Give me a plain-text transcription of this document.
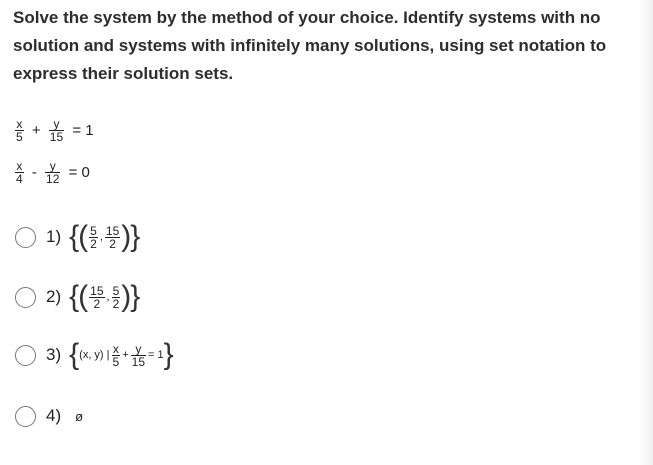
Solve the system by the method of your choice. Identify systems with no solution and systems with infinitely many solutions, using set notation to express their solution sets.
$\frac{x}{5} + \frac{y}{15} = 1$
$\frac{x}{4} - \frac{y}{12} = 0$
1) { ( $\frac{5}{2}$ , $\frac{15}{2}$ ) }
2) { ( $\frac{15}{2}$ , $\frac{5}{2}$ ) }
3) { (x, y) | $\frac{x}{5} + \frac{y}{15} = 1$ }
4) ø
